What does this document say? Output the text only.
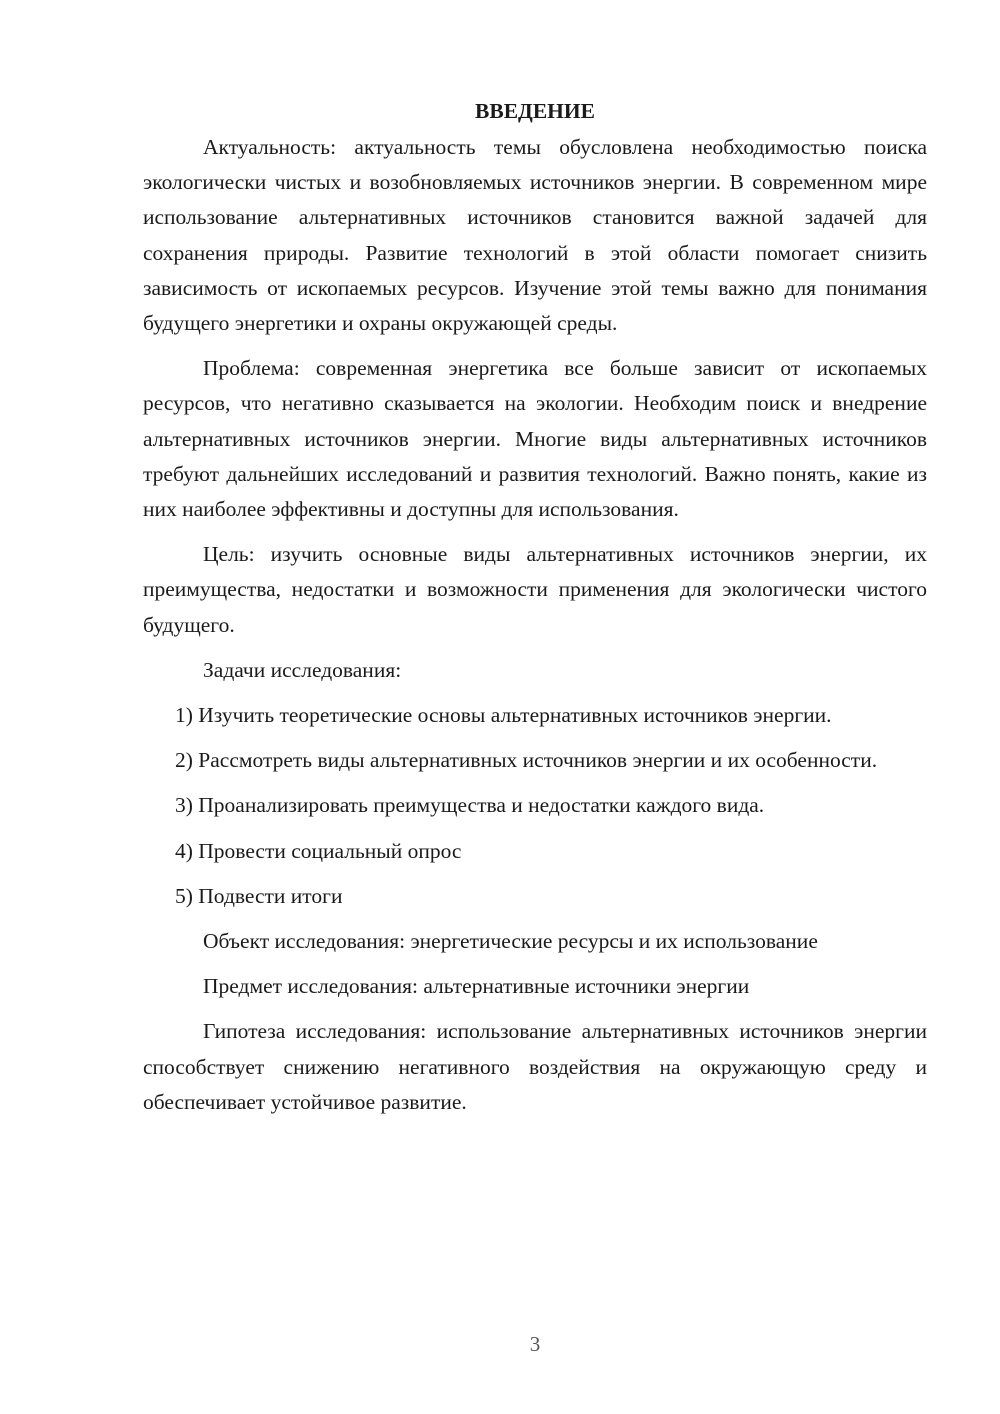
ВВЕДЕНИЕ

Актуальность: актуальность темы обусловлена необходимостью поиска экологически чистых и возобновляемых источников энергии. В современном мире использование альтернативных источников становится важной задачей для сохранения природы. Развитие технологий в этой области помогает снизить зависимость от ископаемых ресурсов. Изучение этой темы важно для понимания будущего энергетики и охраны окружающей среды.

Проблема: современная энергетика все больше зависит от ископаемых ресурсов, что негативно сказывается на экологии. Необходим поиск и внедрение альтернативных источников энергии. Многие виды альтернативных источников требуют дальнейших исследований и развития технологий. Важно понять, какие из них наиболее эффективны и доступны для использования.

Цель: изучить основные виды альтернативных источников энергии, их преимущества, недостатки и возможности применения для экологически чистого будущего.

Задачи исследования:

1) Изучить теоретические основы альтернативных источников энергии.

2) Рассмотреть виды альтернативных источников энергии и их особенности.

3) Проанализировать преимущества и недостатки каждого вида.

4) Провести социальный опрос

5) Подвести итоги

Объект исследования: энергетические ресурсы и их использование

Предмет исследования: альтернативные источники энергии

Гипотеза исследования: использование альтернативных источников энергии способствует снижению негативного воздействия на окружающую среду и обеспечивает устойчивое развитие.

3
